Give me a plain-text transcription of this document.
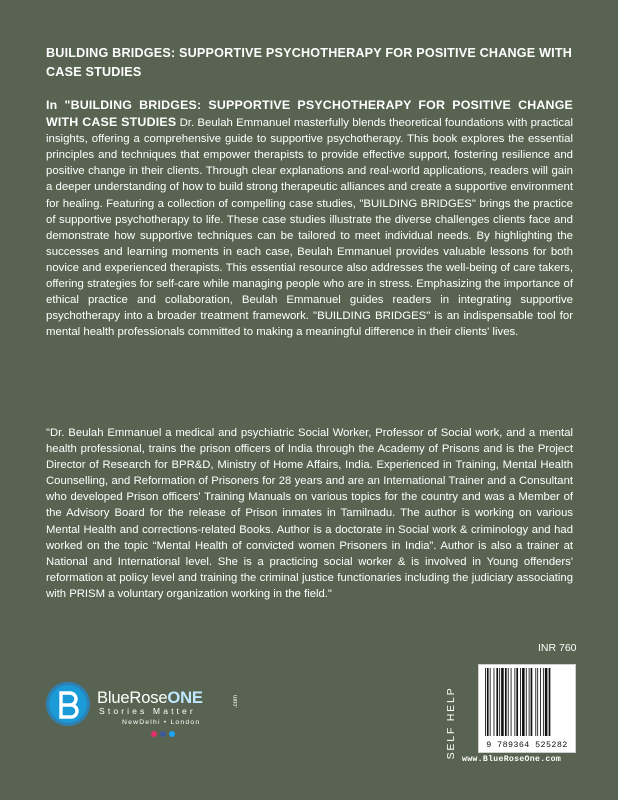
BUILDING BRIDGES: SUPPORTIVE PSYCHOTHERAPY FOR POSITIVE CHANGE WITH CASE STUDIES
In "BUILDING BRIDGES: SUPPORTIVE PSYCHOTHERAPY FOR POSITIVE CHANGE WITH CASE STUDIES Dr. Beulah Emmanuel masterfully blends theoretical foundations with practical insights, offering a comprehensive guide to supportive psychotherapy. This book explores the essential principles and techniques that empower therapists to provide effective support, fostering resilience and positive change in their clients. Through clear explanations and real-world applications, readers will gain a deeper understanding of how to build strong therapeutic alliances and create a supportive environment for healing. Featuring a collection of compelling case studies, "BUILDING BRIDGES" brings the practice of supportive psychotherapy to life. These case studies illustrate the diverse challenges clients face and demonstrate how supportive techniques can be tailored to meet individual needs. By highlighting the successes and learning moments in each case, Beulah Emmanuel provides valuable lessons for both novice and experienced therapists. This essential resource also addresses the well-being of care takers, offering strategies for self-care while managing people who are in stress. Emphasizing the importance of ethical practice and collaboration, Beulah Emmanuel guides readers in integrating supportive psychotherapy into a broader treatment framework. "BUILDING BRIDGES" is an indispensable tool for mental health professionals committed to making a meaningful difference in their clients' lives.
"Dr. Beulah Emmanuel a medical and psychiatric Social Worker, Professor of Social work, and a mental health professional, trains the prison officers of India through the Academy of Prisons and is the Project Director of Research for BPR&D, Ministry of Home Affairs, India. Experienced in Training, Mental Health Counselling, and Reformation of Prisoners for 28 years and are an International Trainer and a Consultant who developed Prison officers' Training Manuals on various topics for the country and was a Member of the Advisory Board for the release of Prison inmates in Tamilnadu. The author is working on various Mental Health and corrections-related Books. Author is a doctorate in Social work & criminology and had worked on the topic “Mental Health of convicted women Prisoners in India”. Author is also a trainer at National and International level. She is a practicing social worker & is involved in Young offenders' reformation at policy level and training the criminal justice functionaries including the judiciary associating with PRISM a voluntary organization working in the field."
INR 760
SELF HELP	9 789364 525282
www.BlueRoseOne.com
BlueRoseONE	.com
Stories Matter
NewDelhi • London
